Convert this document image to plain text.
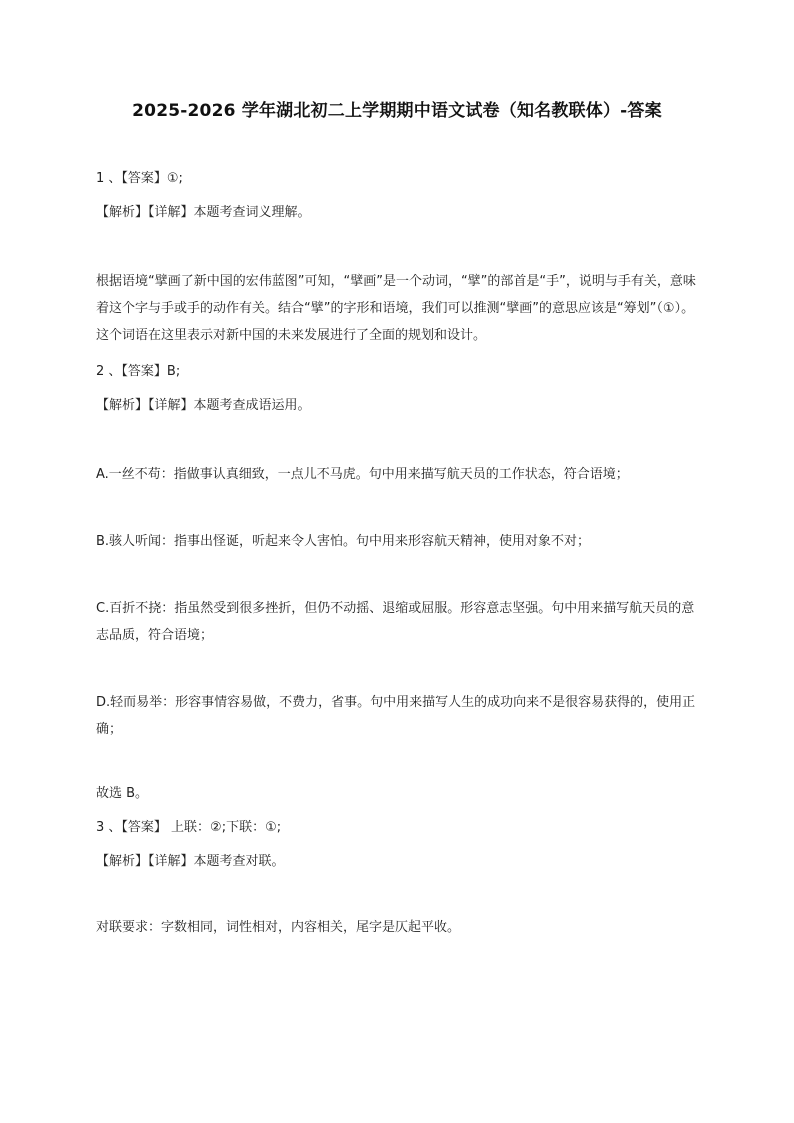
2025-2026 学年湖北初二上学期期中语文试卷（知名教联体）-答案

1 、【答案】①;

【解析】【详解】本题考查词义理解。

根据语境“擘画了新中国的宏伟蓝图”可知，“擘画”是一个动词，“擘”的部首是“手”，说明与手有关，意味着这个字与手或手的动作有关。结合“擘”的字形和语境，我们可以推测“擘画”的意思应该是“筹划”（①）。这个词语在这里表示对新中国的未来发展进行了全面的规划和设计。

2 、【答案】B;

【解析】【详解】本题考查成语运用。

A.一丝不苟：指做事认真细致，一点儿不马虎。句中用来描写航天员的工作状态，符合语境；

B.骇人听闻：指事出怪诞，听起来令人害怕。句中用来形容航天精神，使用对象不对；

C.百折不挠：指虽然受到很多挫折，但仍不动摇、退缩或屈服。形容意志坚强。句中用来描写航天员的意志品质，符合语境；

D.轻而易举：形容事情容易做，不费力，省事。句中用来描写人生的成功向来不是很容易获得的，使用正确；

故选 B。

3 、【答案】 上联：②;下联：①;

【解析】【详解】本题考查对联。

对联要求：字数相同，词性相对，内容相关，尾字是仄起平收。
